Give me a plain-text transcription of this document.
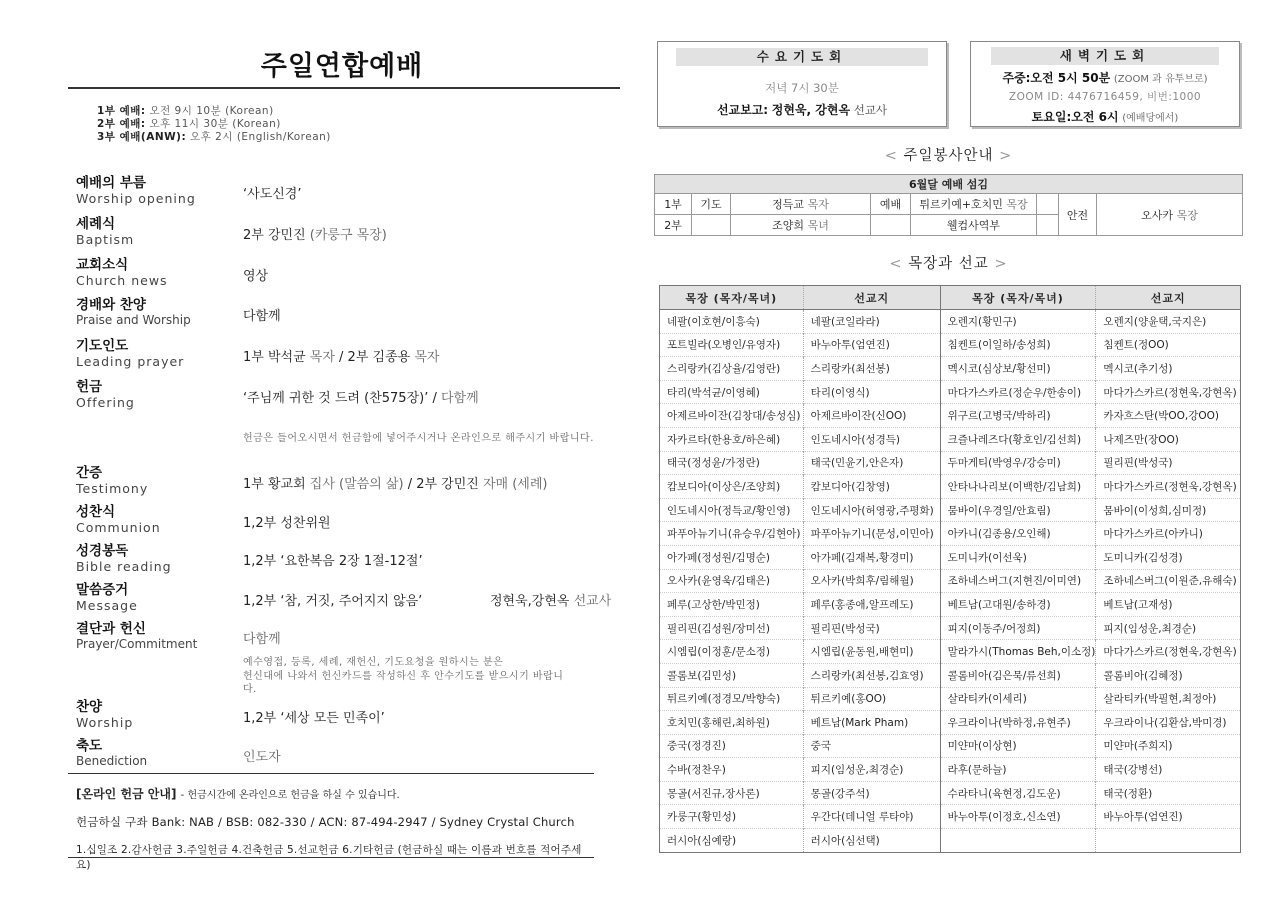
주일연합예배
1부 예배: 오전 9시 10분 (Korean)
2부 예배: 오후 11시 30분 (Korean)
3부 예배(ANW): 오후 2시 (English/Korean)
예배의 부름
Worship opening	‘사도신경’
세례식
Baptism	2부 강민진 (카룽구 목장)
교회소식
Church news	영상
경배와 찬양
Praise and Worship	다함께
기도인도
Leading prayer	1부 박석균 목자 / 2부 김종용 목자
헌금
Offering	‘주님께 귀한 것 드려 (찬575장)’ / 다함께
헌금은 들어오시면서 헌금함에 넣어주시거나 온라인으로 해주시기 바랍니다.
간증
Testimony	1부 황교회 집사 (말씀의 삶) / 2부 강민진 자매 (세례)
성찬식
Communion	1,2부 성찬위원
성경봉독
Bible reading	1,2부 ‘요한복음 2장 1절-12절’
말씀증거
Message	1,2부 ‘참, 거짓, 주어지지 않음’	정현욱,강현옥 선교사
결단과 헌신
Prayer/Commitment	다함께
예수영접, 등록, 세례, 재헌신, 기도요청을 원하시는 분은
헌신대에 나와서 헌신카드를 작성하신 후 안수기도를 받으시기 바랍니
다.
찬양
Worship	1,2부 ‘세상 모든 민족이’
축도
Benediction	인도자
[온라인 헌금 안내] - 헌금시간에 온라인으로 헌금을 하실 수 있습니다.
헌금하실 구좌 Bank: NAB / BSB: 082-330 / ACN: 87-494-2947 / Sydney Crystal Church
1.십일조 2.감사헌금 3.주일헌금 4.건축헌금 5.선교헌금 6.기타헌금 (헌금하실 때는 이름과 번호를 적어주세요)
수요기도회
저녁 7시 30분
선교보고: 정현욱, 강현옥 선교사
새벽기도회
주중:오전 5시 50분 (ZOOM 과 유투브로)
ZOOM ID: 4476716459, 비번:1000
토요일:오전 6시 (예배당에서)
< 주일봉사안내 >
6월달 예배 섬김							
1부	기도	정득교 목자	예배	튀르키예+호치민 목장		안전	오사카 목장
2부		조양희 목녀		웰컴사역부			
< 목장과 선교 >
목장 (목자/목녀)	선교지	목장 (목자/목녀)	선교지
네팔(이호현/이흥숙)	네팔(코일라라)	오렌지(황민구)	오렌지(양윤택,국지은)
포트빌라(오병인/유영자)	바누아투(엄연진)	침켄트(이일하/송성희)	침켄트(정OO)
스리랑카(김상율/김영란)	스리랑카(최선봉)	멕시코(심상보/황선미)	멕시코(추기성)
타리(박석균/이영혜)	타리(이영식)	마다가스카르(정순우/한송이)	마다가스카르(정현욱,강현옥)
아제르바이잔(김창대/송성심)	아제르바이잔(신OO)	위구르(고병국/박하리)	카자흐스탄(박OO,강OO)
자카르타(한용호/하은혜)	인도네시아(성경득)	크즐나레즈다(황호인/김선희)	나제즈만(장OO)
태국(정성윤/가정란)	태국(민윤기,안은자)	두마게티(박영우/강승미)	필리핀(박성국)
캄보디아(이상은/조양희)	캄보디아(김창영)	안타나나리보(이백한/김남희)	마다가스카르(정현욱,강현옥)
인도네시아(정득교/황인영)	인도네시아(허영광,주평화)	뭄바이(우경일/안효림)	뭄바이(이성희,심미정)
파푸아뉴기니(유승우/김현아)	파푸아뉴기니(문성,이민아)	아카니(김종용/오인해)	마다가스카르(아카니)
아가페(정성원/김명순)	아가페(김재복,황경미)	도미니카(이선욱)	도미니카(김성경)
오사카(윤영욱/김태은)	오사카(박희후/림해월)	조하네스버그(지현진/이미연)	조하네스버그(이원준,유해숙)
페루(고상한/박민정)	페루(홍종애,알프레도)	베트남(고대원/송하경)	베트남(고재성)
필리핀(김성원/장미선)	필리핀(박성국)	피지(이동주/어정희)	피지(임성운,최경순)
시엠립(이정훈/문소정)	시엠립(윤동원,배현미)	말라가시(Thomas Beh,이소정)	마다가스카르(정현욱,강현옥)
콜롬보(김민성)	스리랑카(최선봉,김효영)	콜롬비아(김은묵/류선희)	콜롬비아(김혜정)
튀르키예(정경모/박향숙)	튀르키예(홍OO)	살라티카(이세리)	살라티카(박필현,최정아)
호치민(홍해린,최하원)	베트남(Mark Pham)	우크라이나(박하정,유현주)	우크라이나(김환삼,박미경)
중국(정경진)	중국	미얀마(이상현)	미얀마(주희지)
수바(정찬우)	피지(임성운,최경순)	라후(문하늘)	태국(강병선)
몽골(서진규,장사론)	몽골(강주석)	수라타니(육현정,김도운)	태국(정환)
카룽구(황민성)	우간다(데니얼 루타야)	바누아투(이정호,신소연)	바누아투(엄연진)
러시아(심예랑)	러시아(심선택)		
